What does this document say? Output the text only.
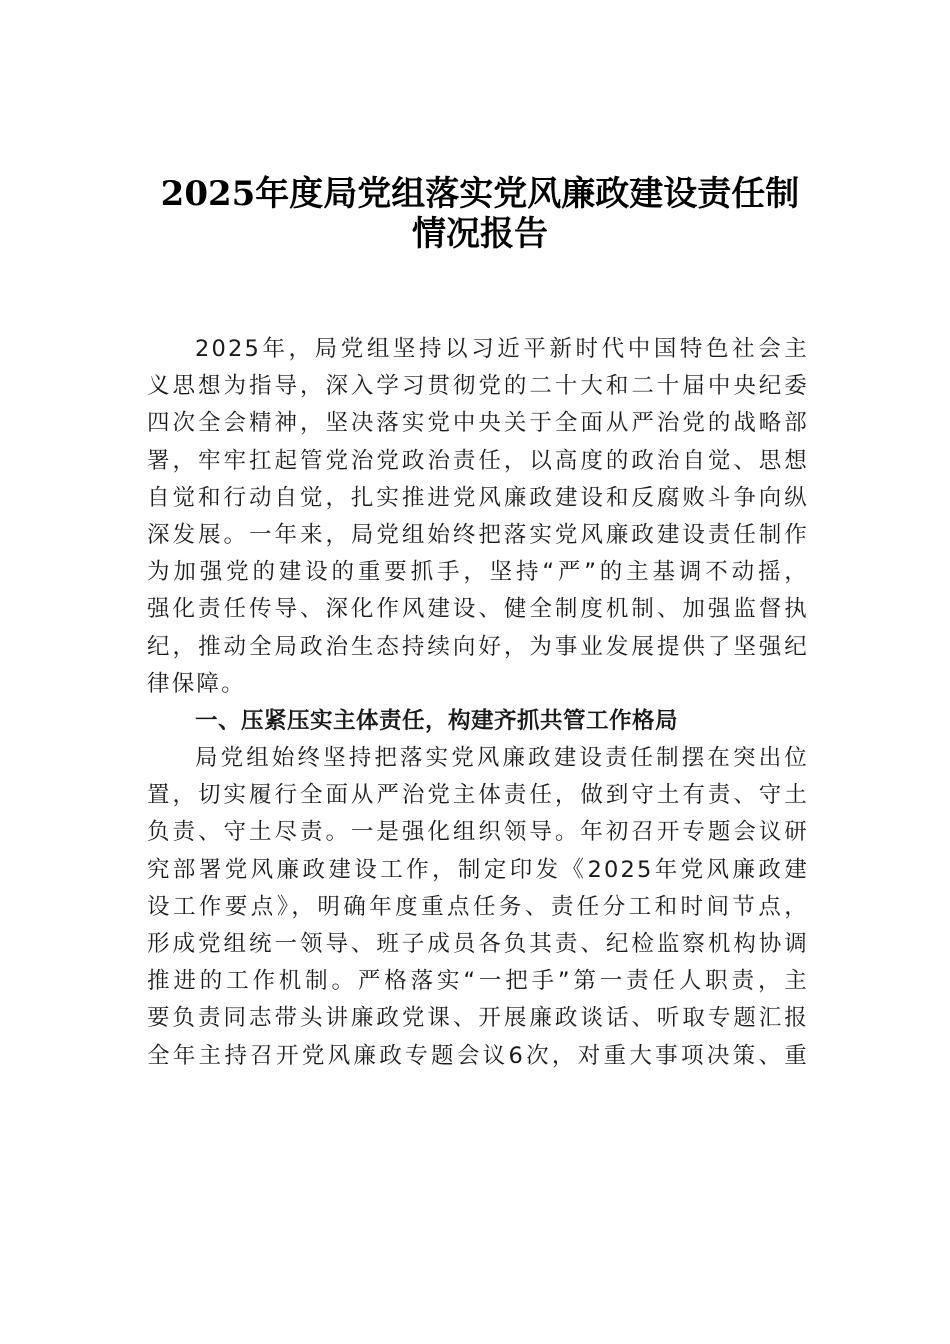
2025年度局党组落实党风廉政建设责任制
情况报告
2025年，局党组坚持以习近平新时代中国特色社会主
义思想为指导，深入学习贯彻党的二十大和二十届中央纪委
四次全会精神，坚决落实党中央关于全面从严治党的战略部
署，牢牢扛起管党治党政治责任，以高度的政治自觉、思想
自觉和行动自觉，扎实推进党风廉政建设和反腐败斗争向纵
深发展。一年来，局党组始终把落实党风廉政建设责任制作
为加强党的建设的重要抓手，坚持“严”的主基调不动摇，
强化责任传导、深化作风建设、健全制度机制、加强监督执
纪，推动全局政治生态持续向好，为事业发展提供了坚强纪
律保障。
一、压紧压实主体责任，构建齐抓共管工作格局
局党组始终坚持把落实党风廉政建设责任制摆在突出位
置，切实履行全面从严治党主体责任，做到守土有责、守土
负责、守土尽责。一是强化组织领导。年初召开专题会议研
究部署党风廉政建设工作，制定印发《2025年党风廉政建
设工作要点》，明确年度重点任务、责任分工和时间节点，
形成党组统一领导、班子成员各负其责、纪检监察机构协调
推进的工作机制。严格落实“一把手”第一责任人职责，主
要负责同志带头讲廉政党课、开展廉政谈话、听取专题汇报
全年主持召开党风廉政专题会议6次，对重大事项决策、重
